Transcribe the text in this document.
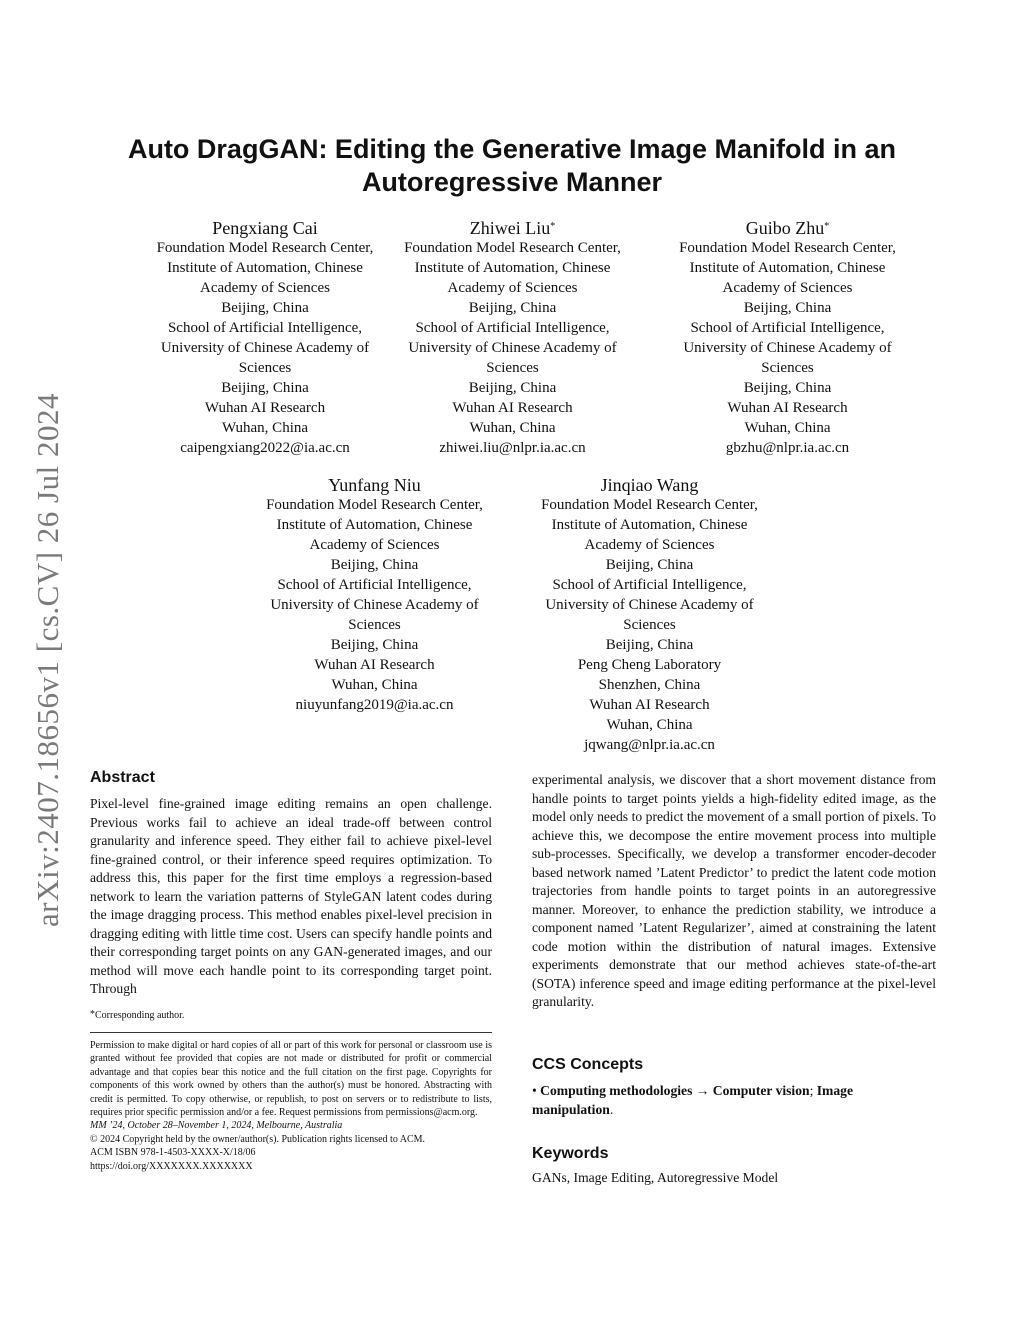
arXiv:2407.18656v1 [cs.CV] 26 Jul 2024
Auto DragGAN: Editing the Generative Image Manifold in an
Autoregressive Manner
Pengxiang Cai
Foundation Model Research Center,
Institute of Automation, Chinese
Academy of Sciences
Beijing, China
School of Artificial Intelligence,
University of Chinese Academy of
Sciences
Beijing, China
Wuhan AI Research
Wuhan, China
caipengxiang2022@ia.ac.cn
Zhiwei Liu*
Foundation Model Research Center,
Institute of Automation, Chinese
Academy of Sciences
Beijing, China
School of Artificial Intelligence,
University of Chinese Academy of
Sciences
Beijing, China
Wuhan AI Research
Wuhan, China
zhiwei.liu@nlpr.ia.ac.cn
Guibo Zhu*
Foundation Model Research Center,
Institute of Automation, Chinese
Academy of Sciences
Beijing, China
School of Artificial Intelligence,
University of Chinese Academy of
Sciences
Beijing, China
Wuhan AI Research
Wuhan, China
gbzhu@nlpr.ia.ac.cn
Yunfang Niu
Foundation Model Research Center,
Institute of Automation, Chinese
Academy of Sciences
Beijing, China
School of Artificial Intelligence,
University of Chinese Academy of
Sciences
Beijing, China
Wuhan AI Research
Wuhan, China
niuyunfang2019@ia.ac.cn
Jinqiao Wang
Foundation Model Research Center,
Institute of Automation, Chinese
Academy of Sciences
Beijing, China
School of Artificial Intelligence,
University of Chinese Academy of
Sciences
Beijing, China
Peng Cheng Laboratory
Shenzhen, China
Wuhan AI Research
Wuhan, China
jqwang@nlpr.ia.ac.cn
Abstract

Pixel-level fine-grained image editing remains an open challenge. Previous works fail to achieve an ideal trade-off between control granularity and inference speed. They either fail to achieve pixel-level fine-grained control, or their inference speed requires optimization. To address this, this paper for the first time employs a regression-based network to learn the variation patterns of StyleGAN latent codes during the image dragging process. This method enables pixel-level precision in dragging editing with little time cost. Users can specify handle points and their corresponding target points on any GAN-generated images, and our method will move each handle point to its corresponding target point. Through

experimental analysis, we discover that a short movement distance from handle points to target points yields a high-fidelity edited image, as the model only needs to predict the movement of a small portion of pixels. To achieve this, we decompose the entire movement process into multiple sub-processes. Specifically, we develop a transformer encoder-decoder based network named ’Latent Predictor’ to predict the latent code motion trajectories from handle points to target points in an autoregressive manner. Moreover, to enhance the prediction stability, we introduce a component named ’Latent Regularizer’, aimed at constraining the latent code motion within the distribution of natural images. Extensive experiments demonstrate that our method achieves state-of-the-art (SOTA) inference speed and image editing performance at the pixel-level granularity.

*Corresponding author.
Permission to make digital or hard copies of all or part of this work for personal or classroom use is granted without fee provided that copies are not made or distributed for profit or commercial advantage and that copies bear this notice and the full citation on the first page. Copyrights for components of this work owned by others than the author(s) must be honored. Abstracting with credit is permitted. To copy otherwise, or republish, to post on servers or to redistribute to lists, requires prior specific permission and/or a fee. Request permissions from permissions@acm.org.
MM ’24, October 28–November 1, 2024, Melbourne, Australia
© 2024 Copyright held by the owner/author(s). Publication rights licensed to ACM.
ACM ISBN 978-1-4503-XXXX-X/18/06
https://doi.org/XXXXXXX.XXXXXXX
CCS Concepts
• Computing methodologies → Computer vision; Image manipulation.
Keywords
GANs, Image Editing, Autoregressive Model
